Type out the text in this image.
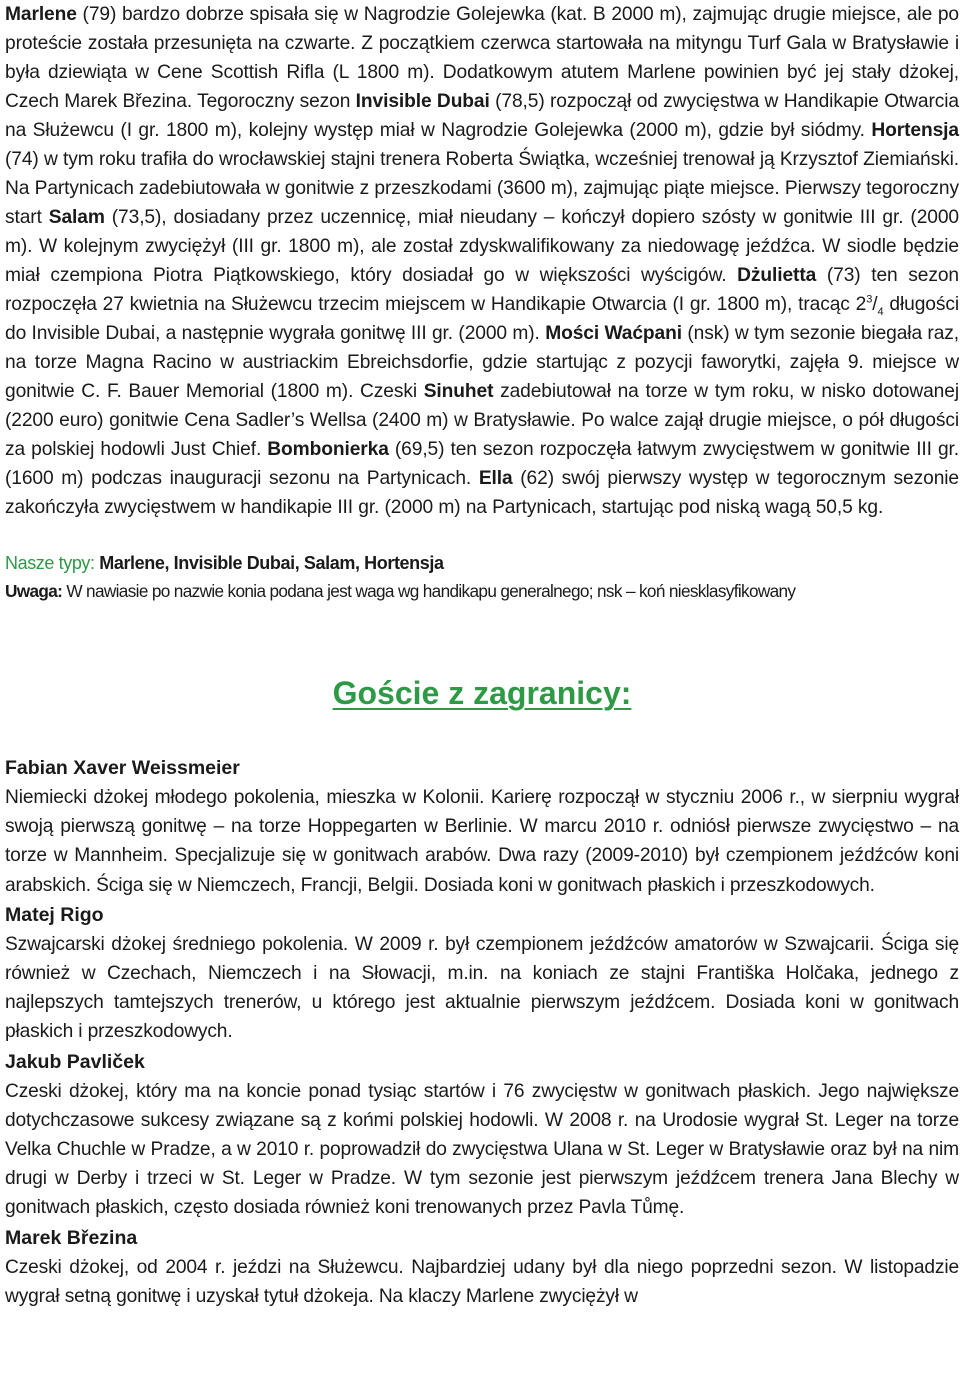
Marlene (79) bardzo dobrze spisała się w Nagrodzie Golejewka (kat. B 2000 m), zajmując drugie miejsce, ale po proteście została przesunięta na czwarte. Z początkiem czerwca startowała na mityngu Turf Gala w Bratysławie i była dziewiąta w Cene Scottish Rifla (L 1800 m). Dodatkowym atutem Marlene powinien być jej stały dżokej, Czech Marek Březina. Tegoroczny sezon Invisible Dubai (78,5) rozpoczął od zwycięstwa w Handikapie Otwarcia na Służewcu (I gr. 1800 m), kolejny występ miał w Nagrodzie Golejewka (2000 m), gdzie był siódmy. Hortensja (74) w tym roku trafiła do wrocławskiej stajni trenera Roberta Świątka, wcześniej trenował ją Krzysztof Ziemiański. Na Partynicach zadebiutowała w gonitwie z przeszkodami (3600 m), zajmując piąte miejsce. Pierwszy tegoroczny start Salam (73,5), dosiadany przez uczennicę, miał nieudany – kończył dopiero szósty w gonitwie III gr. (2000 m). W kolejnym zwyciężył (III gr. 1800 m), ale został zdyskwalifikowany za niedowagę jeźdźca. W siodle będzie miał czempiona Piotra Piątkowskiego, który dosiadał go w większości wyścigów. Dżulietta (73) ten sezon rozpoczęła 27 kwietnia na Służewcu trzecim miejscem w Handikapie Otwarcia (I gr. 1800 m), tracąc $2^3/_4$ długości do Invisible Dubai, a następnie wygrała gonitwę III gr. (2000 m). Mości Waćpani (nsk) w tym sezonie biegała raz, na torze Magna Racino w austriackim Ebreichsdorfie, gdzie startując z pozycji faworytki, zajęła 9. miejsce w gonitwie C. F. Bauer Memorial (1800 m). Czeski Sinuhet zadebiutował na torze w tym roku, w nisko dotowanej (2200 euro) gonitwie Cena Sadler’s Wellsa (2400 m) w Bratysławie. Po walce zajął drugie miejsce, o pół długości za polskiej hodowli Just Chief. Bombonierka (69,5) ten sezon rozpoczęła łatwym zwycięstwem w gonitwie III gr. (1600 m) podczas inauguracji sezonu na Partynicach. Ella (62) swój pierwszy występ w tegorocznym sezonie zakończyła zwycięstwem w handikapie III gr. (2000 m) na Partynicach, startując pod niską wagą 50,5 kg.

Nasze typy: Marlene, Invisible Dubai, Salam, Hortensja

Uwaga: W nawiasie po nazwie konia podana jest waga wg handikapu generalnego; nsk – koń niesklasyfikowany

Goście z zagranicy:

Fabian Xaver Weissmeier

Niemiecki dżokej młodego pokolenia, mieszka w Kolonii. Karierę rozpoczął w styczniu 2006 r., w sierpniu wygrał swoją pierwszą gonitwę – na torze Hoppegarten w Berlinie. W marcu 2010 r. odniósł pierwsze zwycięstwo – na torze w Mannheim. Specjalizuje się w gonitwach arabów. Dwa razy (2009-2010) był czempionem jeźdźców koni arabskich. Ściga się w Niemczech, Francji, Belgii. Dosiada koni w gonitwach płaskich i przeszkodowych.

Matej Rigo

Szwajcarski dżokej średniego pokolenia. W 2009 r. był czempionem jeźdźców amatorów w Szwajcarii. Ściga się również w Czechach, Niemczech i na Słowacji, m.in. na koniach ze stajni Františka Holčaka, jednego z najlepszych tamtejszych trenerów, u którego jest aktualnie pierwszym jeźdźcem. Dosiada koni w gonitwach płaskich i przeszkodowych.

Jakub Pavliček

Czeski dżokej, który ma na koncie ponad tysiąc startów i 76 zwycięstw w gonitwach płaskich. Jego największe dotychczasowe sukcesy związane są z końmi polskiej hodowli. W 2008 r. na Urodosie wygrał St. Leger na torze Velka Chuchle w Pradze, a w 2010 r. poprowadził do zwycięstwa Ulana w St. Leger w Bratysławie oraz był na nim drugi w Derby i trzeci w St. Leger w Pradze. W tym sezonie jest pierwszym jeźdźcem trenera Jana Blechy w gonitwach płaskich, często dosiada również koni trenowanych przez Pavla Tůmę.

Marek Březina

Czeski dżokej, od 2004 r. jeździ na Służewcu. Najbardziej udany był dla niego poprzedni sezon. W listopadzie wygrał setną gonitwę i uzyskał tytuł dżokeja. Na klaczy Marlene zwyciężył w
